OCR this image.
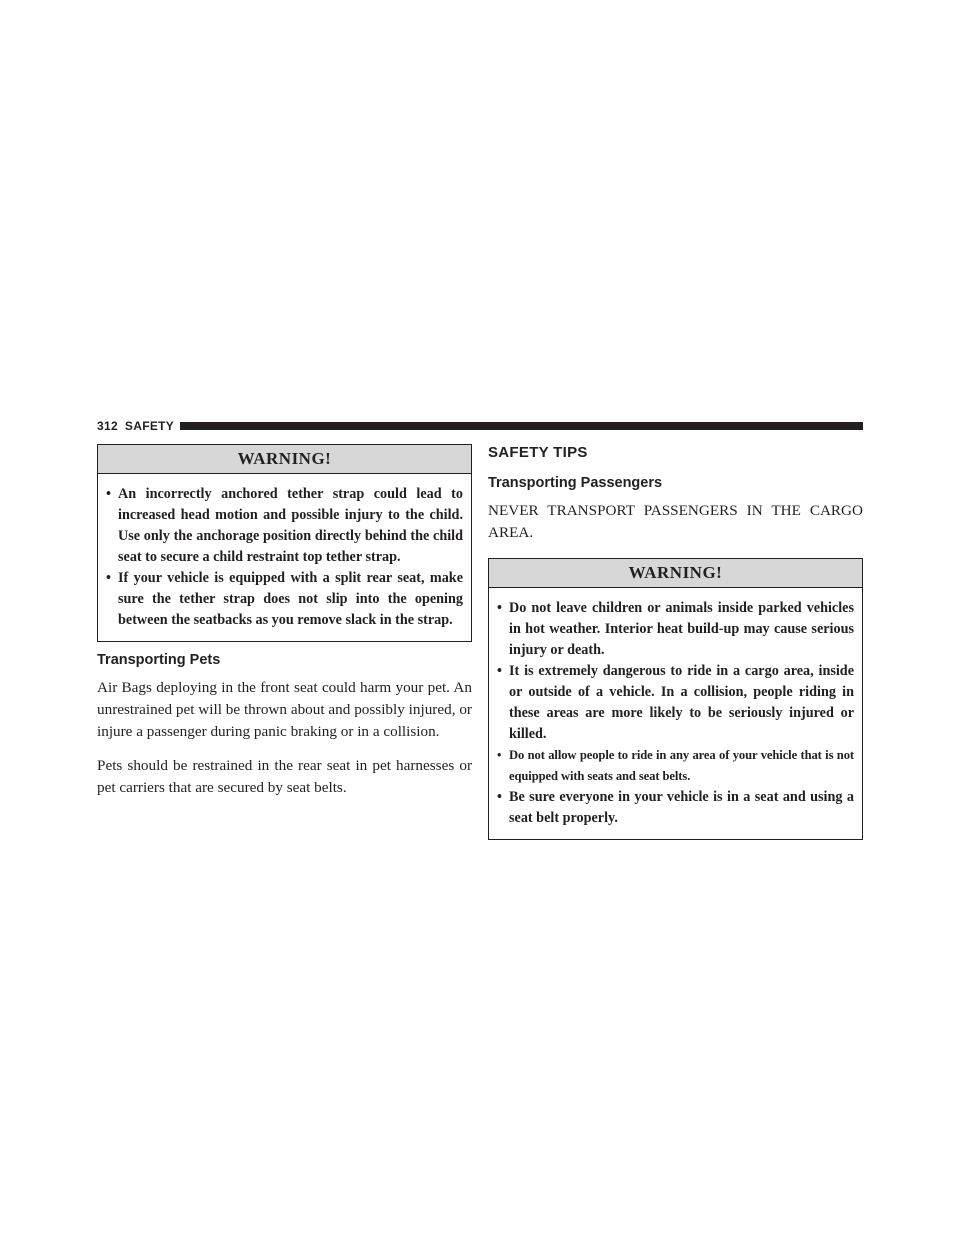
312 SAFETY
WARNING!
• An incorrectly anchored tether strap could lead to increased head motion and possible injury to the child. Use only the anchorage position directly behind the child seat to secure a child restraint top tether strap.
• If your vehicle is equipped with a split rear seat, make sure the tether strap does not slip into the opening between the seatbacks as you remove slack in the strap.
Transporting Pets

Air Bags deploying in the front seat could harm your pet. An unrestrained pet will be thrown about and possibly injured, or injure a passenger during panic braking or in a collision.

Pets should be restrained in the rear seat in pet harnesses or pet carriers that are secured by seat belts.

SAFETY TIPS
Transporting Passengers

NEVER TRANSPORT PASSENGERS IN THE CARGO AREA.

WARNING!
• Do not leave children or animals inside parked vehicles in hot weather. Interior heat build-up may cause serious injury or death.
• It is extremely dangerous to ride in a cargo area, inside or outside of a vehicle. In a collision, people riding in these areas are more likely to be seriously injured or killed.
• Do not allow people to ride in any area of your vehicle that is not equipped with seats and seat belts.
• Be sure everyone in your vehicle is in a seat and using a seat belt properly.
